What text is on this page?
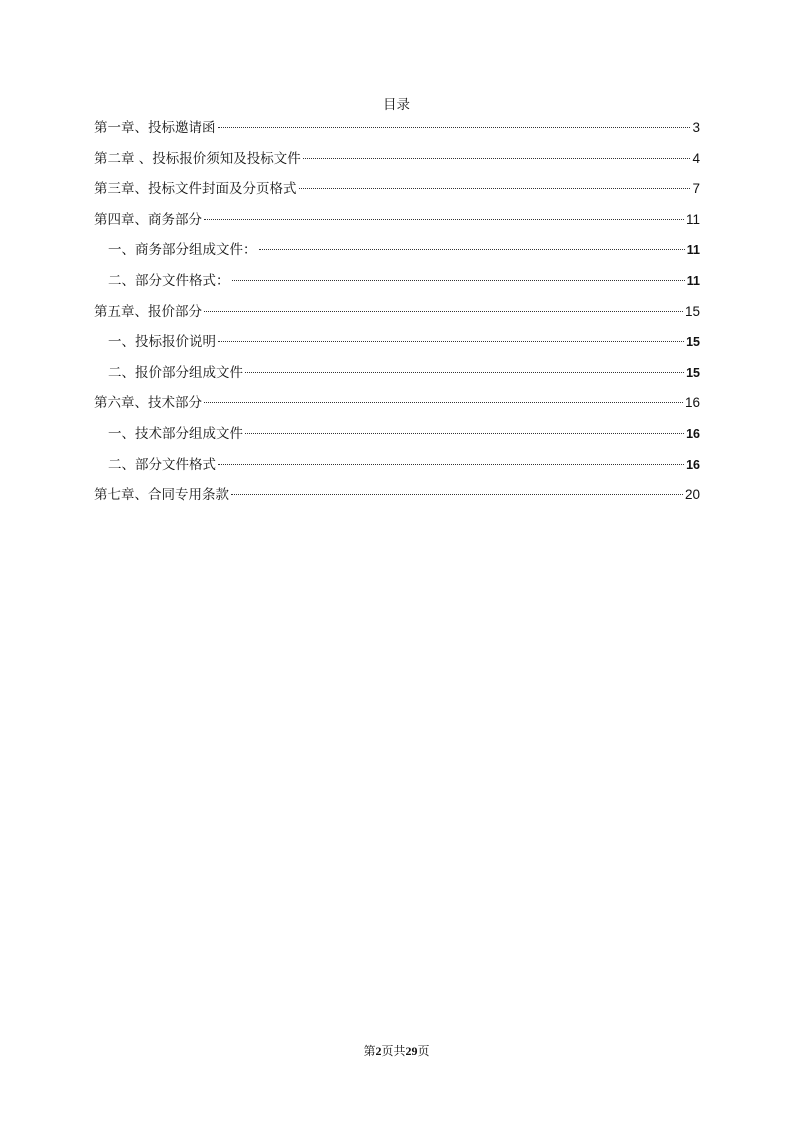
目录
第一章、投标邀请函	3
第二章 、投标报价须知及投标文件	4
第三章、投标文件封面及分页格式	7
第四章、商务部分	11
一、商务部分组成文件：	11
二、部分文件格式：	11
第五章、报价部分	15
一、投标报价说明	15
二、报价部分组成文件	15
第六章、技术部分	16
一、技术部分组成文件	16
二、部分文件格式	16
第七章、合同专用条款	20
第2页共29页
